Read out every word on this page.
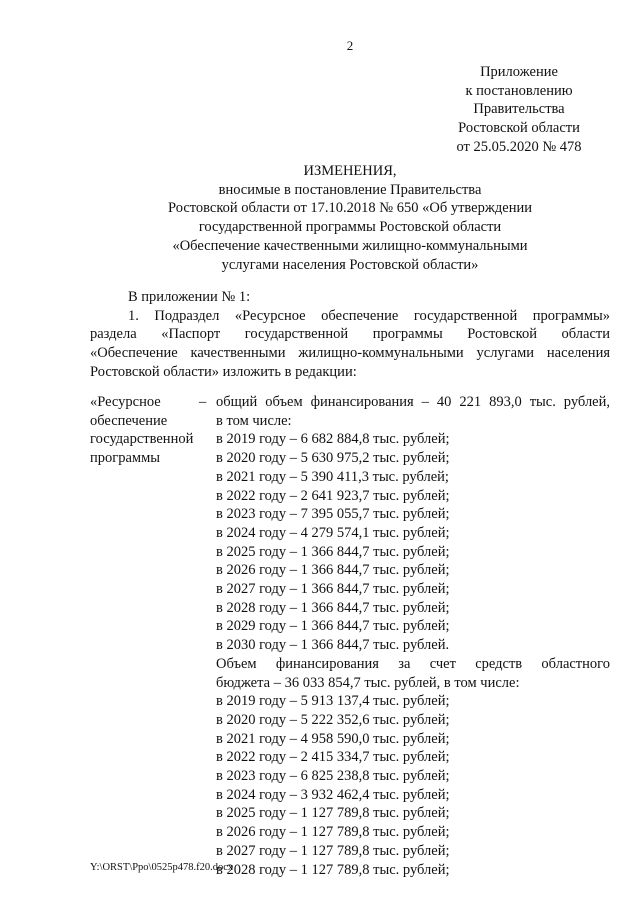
2
Приложение
к постановлению
Правительства
Ростовской области
от 25.05.2020 № 478
ИЗМЕНЕНИЯ,
вносимые в постановление Правительства
Ростовской области от 17.10.2018 № 650 «Об утверждении
государственной программы Ростовской области
«Обеспечение качественными жилищно-коммунальными
услугами населения Ростовской области»
В приложении № 1:
1. Подраздел «Ресурсное обеспечение государственной программы»
раздела «Паспорт государственной программы Ростовской области
«Обеспечение качественными жилищно-коммунальными услугами населения
Ростовской области» изложить в редакции:
«Ресурсное
обеспечение
государственной
программы
– общий объем финансирования – 40 221 893,0 тыс. рублей,
в том числе:
в 2019 году – 6 682 884,8 тыс. рублей;
в 2020 году – 5 630 975,2 тыс. рублей;
в 2021 году – 5 390 411,3 тыс. рублей;
в 2022 году – 2 641 923,7 тыс. рублей;
в 2023 году – 7 395 055,7 тыс. рублей;
в 2024 году – 4 279 574,1 тыс. рублей;
в 2025 году – 1 366 844,7 тыс. рублей;
в 2026 году – 1 366 844,7 тыс. рублей;
в 2027 году – 1 366 844,7 тыс. рублей;
в 2028 году – 1 366 844,7 тыс. рублей;
в 2029 году – 1 366 844,7 тыс. рублей;
в 2030 году – 1 366 844,7 тыс. рублей.
Объем финансирования за счет средств областного
бюджета – 36 033 854,7 тыс. рублей, в том числе:
в 2019 году – 5 913 137,4 тыс. рублей;
в 2020 году – 5 222 352,6 тыс. рублей;
в 2021 году – 4 958 590,0 тыс. рублей;
в 2022 году – 2 415 334,7 тыс. рублей;
в 2023 году – 6 825 238,8 тыс. рублей;
в 2024 году – 3 932 462,4 тыс. рублей;
в 2025 году – 1 127 789,8 тыс. рублей;
в 2026 году – 1 127 789,8 тыс. рублей;
в 2027 году – 1 127 789,8 тыс. рублей;
в 2028 году – 1 127 789,8 тыс. рублей;
Y:\ORST\Ppo\0525p478.f20.docx
